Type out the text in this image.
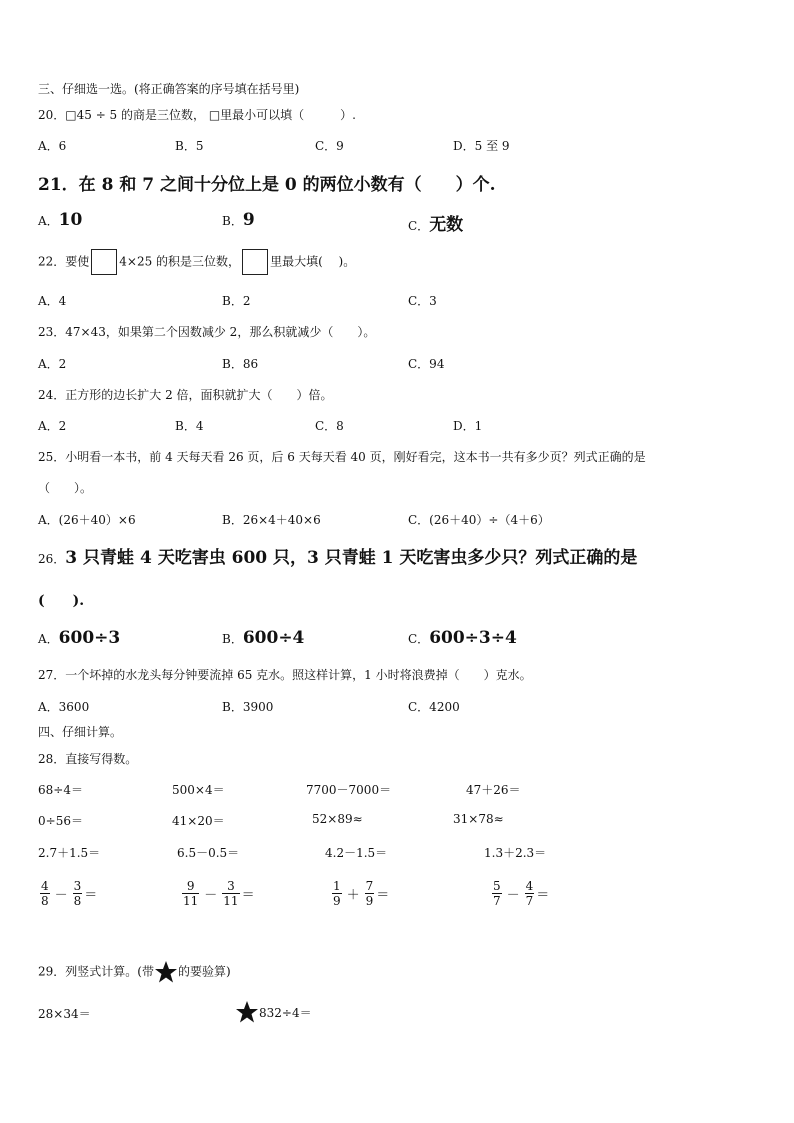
三、仔细选一选。(将正确答案的序号填在括号里)
20．□45 ÷ 5 的商是三位数， □里最小可以填（　　　）.
A．6	B．5	C．9	D．5 至 9
21．在 8 和 7 之间十分位上是 0 的两位小数有（　　）个.
A．10	B．9	C．无数
22．要使	4×25 的积是三位数，	里最大填(　 )。
A．4	B．2	C．3
23．47×43，如果第二个因数减少 2，那么积就减少（　　）。
A．2	B．86	C．94
24．正方形的边长扩大 2 倍，面积就扩大（　　）倍。
A．2	B．4	C．8	D．1
25．小明看一本书，前 4 天每天看 26 页，后 6 天每天看 40 页，刚好看完，这本书一共有多少页？列式正确的是
（　　）。
A．(26＋40）×6	B．26×4＋40×6	C．(26＋40）÷（4＋6）
26．3 只青蛙 4 天吃害虫 600 只，3 只青蛙 1 天吃害虫多少只？列式正确的是
(　　).
A．600÷3	B．600÷4	C．600÷3÷4
27．一个坏掉的水龙头每分钟要流掉 65 克水。照这样计算，1 小时将浪费掉（　　）克水。
A．3600	B．3900	C．4200
四、仔细计算。
28．直接写得数。
68÷4＝	500×4＝	7700－7000＝	47＋26＝
0÷56＝	41×20＝	52×89≈	31×78≈
2.7＋1.5＝	6.5－0.5＝	4.2－1.5＝	1.3＋2.3＝
$\frac{4}{8} - \frac{3}{8}$ ＝	$\frac{9}{11} - \frac{3}{11}$ ＝	$\frac{1}{9} + \frac{7}{9}$ ＝	$\frac{5}{7} - \frac{4}{7}$ ＝
29．列竖式计算。(带 的要验算)
28×34＝	832÷4＝
